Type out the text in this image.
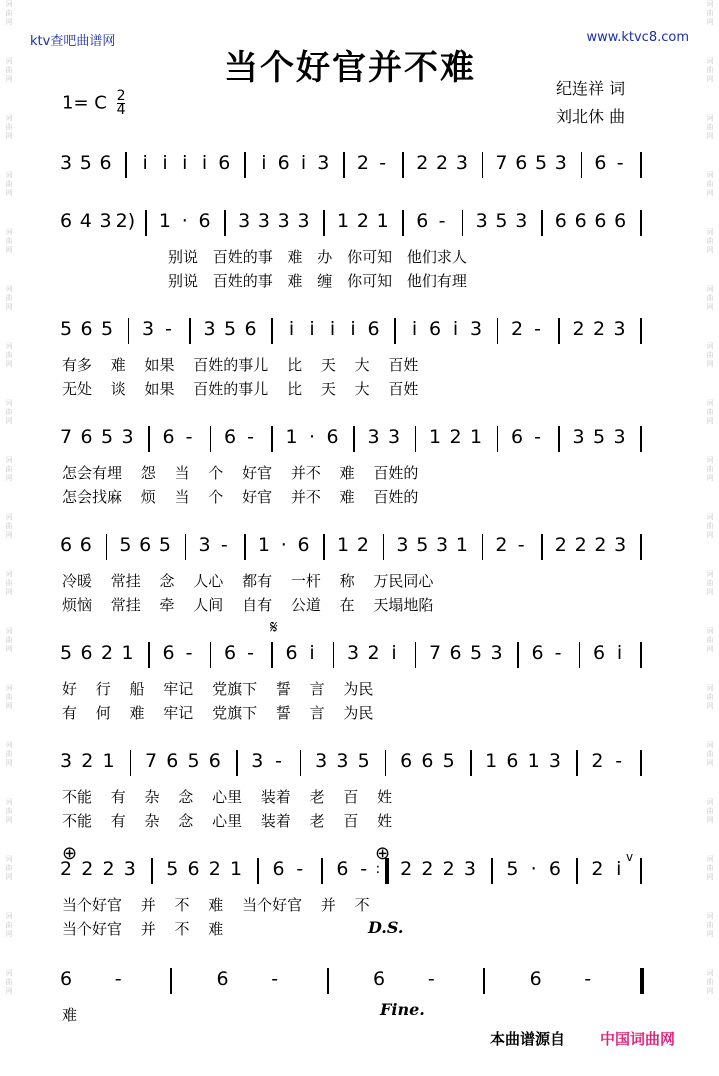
词
曲
网
词
曲
网
词
曲
网
词
曲
网
词
曲
网
词
曲
网
词
曲
网
词
曲
网
词
曲
网
词
曲
网
词
曲
网
词
曲
网
词
曲
网
词
曲
网
词
曲
网
词
曲
网
词
曲
网
词
曲
网
词
曲
网
词
曲
网
词
曲
网
词
曲
网
词
曲
网
词
曲
网
词
曲
网
词
曲
网
词
曲
网
词
曲
网
词
曲
网
词
曲
网
词
曲
网
词
曲
网
词
曲
网
词
曲
网
词
曲
网
词
曲
网
ktv查吧曲谱网	www.ktvc8.com
当个好官并不难
1= C $\frac{2}{4}$
纪连祥 词
刘北休 曲
3 5 6 i i i i 6 i 6 i 3 2 - 2 2 3 7 6 5 3 6 -
6 4 3 2) 1 · 6 3 3 3 3 1 2 1 6 - 3 5 3 6 6 6 6
别说 百姓的事 难 办 你可知 他们求人
别说 百姓的事 难 缠 你可知 他们有理
5 6 5 3 - 3 5 6 i i i i 6 i 6 i 3 2 - 2 2 3
有多 难 如果 百姓的事儿 比 天 大 百姓
无处 谈 如果 百姓的事儿 比 天 大 百姓
7 6 5 3 6 - 6 - 1 · 6 3 3 1 2 1 6 - 3 5 3
怎会有埋 怨 当 个 好官 并不 难 百姓的
怎会找麻 烦 当 个 好官 并不 难 百姓的
6 6 5 6 5 3 - 1 · 6 1 2 3 5 3 1 2 - 2 2 2 3
冷暖 常挂 念 人心 都有 一杆 称 万民同心
烦恼 常挂 牵 人间 自有 公道 在 天塌地陷
5 6 2 1 6 - 6 - 6 i 3 2 i 7 6 5 3 6 - 6 i
好 行 船 牢记 党旗下 誓 言 为民
有 何 难 牢记 党旗下 誓 言 为民
3 2 1 7 6 5 6 3 - 3 3 5 6 6 5 1 6 1 3 2 -
不能 有 杂 念 心里 装着 老 百 姓
不能 有 杂 念 心里 装着 老 百 姓
2 2 2 3 5 6 2 1 6 - 6 - : 2 2 2 3 5 · 6 2 i
当个好官 并 不 难 当个好官 并 不
当个好官 并 不 难
6 -	6 -	6 -	6 -
难
D.S.
Fine.
𝄋
⊕	⊕	v
本曲谱源自 中国词曲网
